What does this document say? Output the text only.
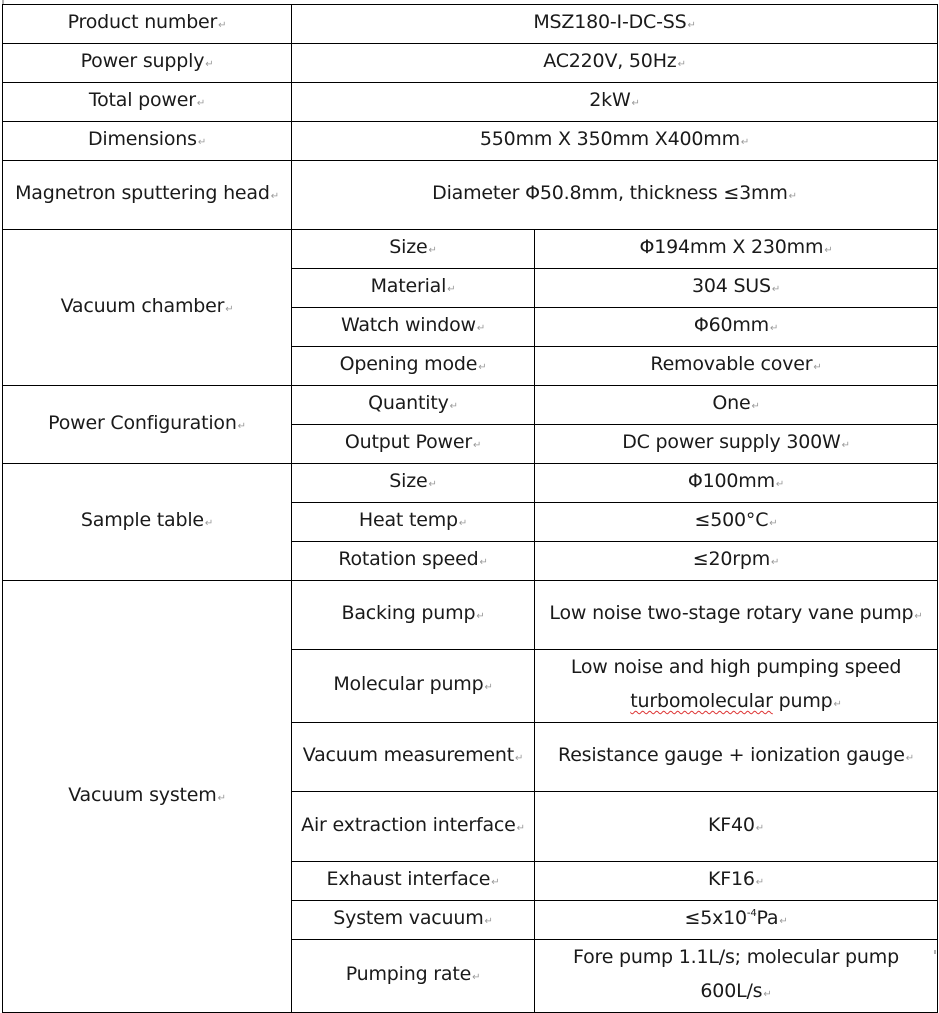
Product number↵	MSZ180-I-DC-SS↵	
Power supply↵	AC220V, 50Hz↵	
Total power↵	2kW↵	
Dimensions↵	550mm X 350mm X400mm↵	
Magnetron sputtering head↵	Diameter Φ50.8mm, thickness ≤3mm↵	
Vacuum chamber↵	Size↵	Φ194mm X 230mm↵
	Material↵	304 SUS↵
	Watch window↵	Φ60mm↵
	Opening mode↵	Removable cover↵
Power Configuration↵	Quantity↵	One↵
	Output Power↵	DC power supply 300W↵
Sample table↵	Size↵	Φ100mm↵
	Heat temp↵	≤500°C↵
	Rotation speed↵	≤20rpm↵
Vacuum system↵	Backing pump↵	Low noise two-stage rotary vane pump↵
	Molecular pump↵	Low noise and high pumping speed
turbomolecular pump↵
	Vacuum measurement↵	Resistance gauge + ionization gauge↵
	Air extraction interface↵	KF40↵
	Exhaust interface↵	KF16↵
	System vacuum↵	$\le 5x10^{-4}Pa↵$
	Pumping rate↵	Fore pump 1.1L/s; molecular pump 600L/s↵
